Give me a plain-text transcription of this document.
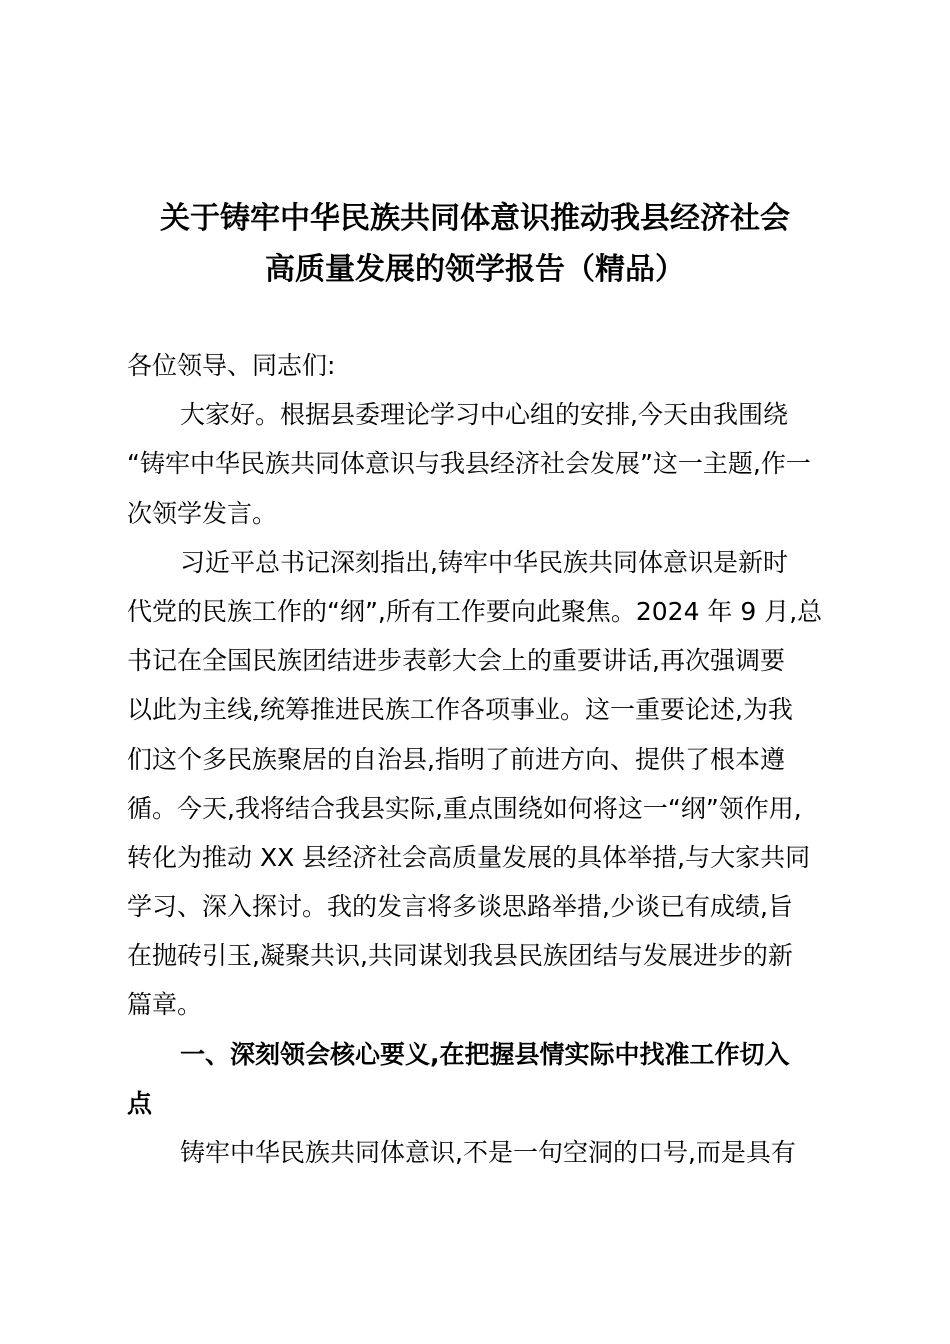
关于铸牢中华民族共同体意识推动我县经济社会
高质量发展的领学报告（精品）
各位领导、同志们:
大家好。根据县委理论学习中心组的安排,今天由我围绕
“铸牢中华民族共同体意识与我县经济社会发展”这一主题,作一
次领学发言。
习近平总书记深刻指出,铸牢中华民族共同体意识是新时
代党的民族工作的“纲”,所有工作要向此聚焦。2024 年 9 月,总
书记在全国民族团结进步表彰大会上的重要讲话,再次强调要
以此为主线,统筹推进民族工作各项事业。这一重要论述,为我
们这个多民族聚居的自治县,指明了前进方向、提供了根本遵
循。今天,我将结合我县实际,重点围绕如何将这一“纲”领作用,
转化为推动 XX 县经济社会高质量发展的具体举措,与大家共同
学习、深入探讨。我的发言将多谈思路举措,少谈已有成绩,旨
在抛砖引玉,凝聚共识,共同谋划我县民族团结与发展进步的新
篇章。
一、深刻领会核心要义,在把握县情实际中找准工作切入
点
铸牢中华民族共同体意识,不是一句空洞的口号,而是具有
